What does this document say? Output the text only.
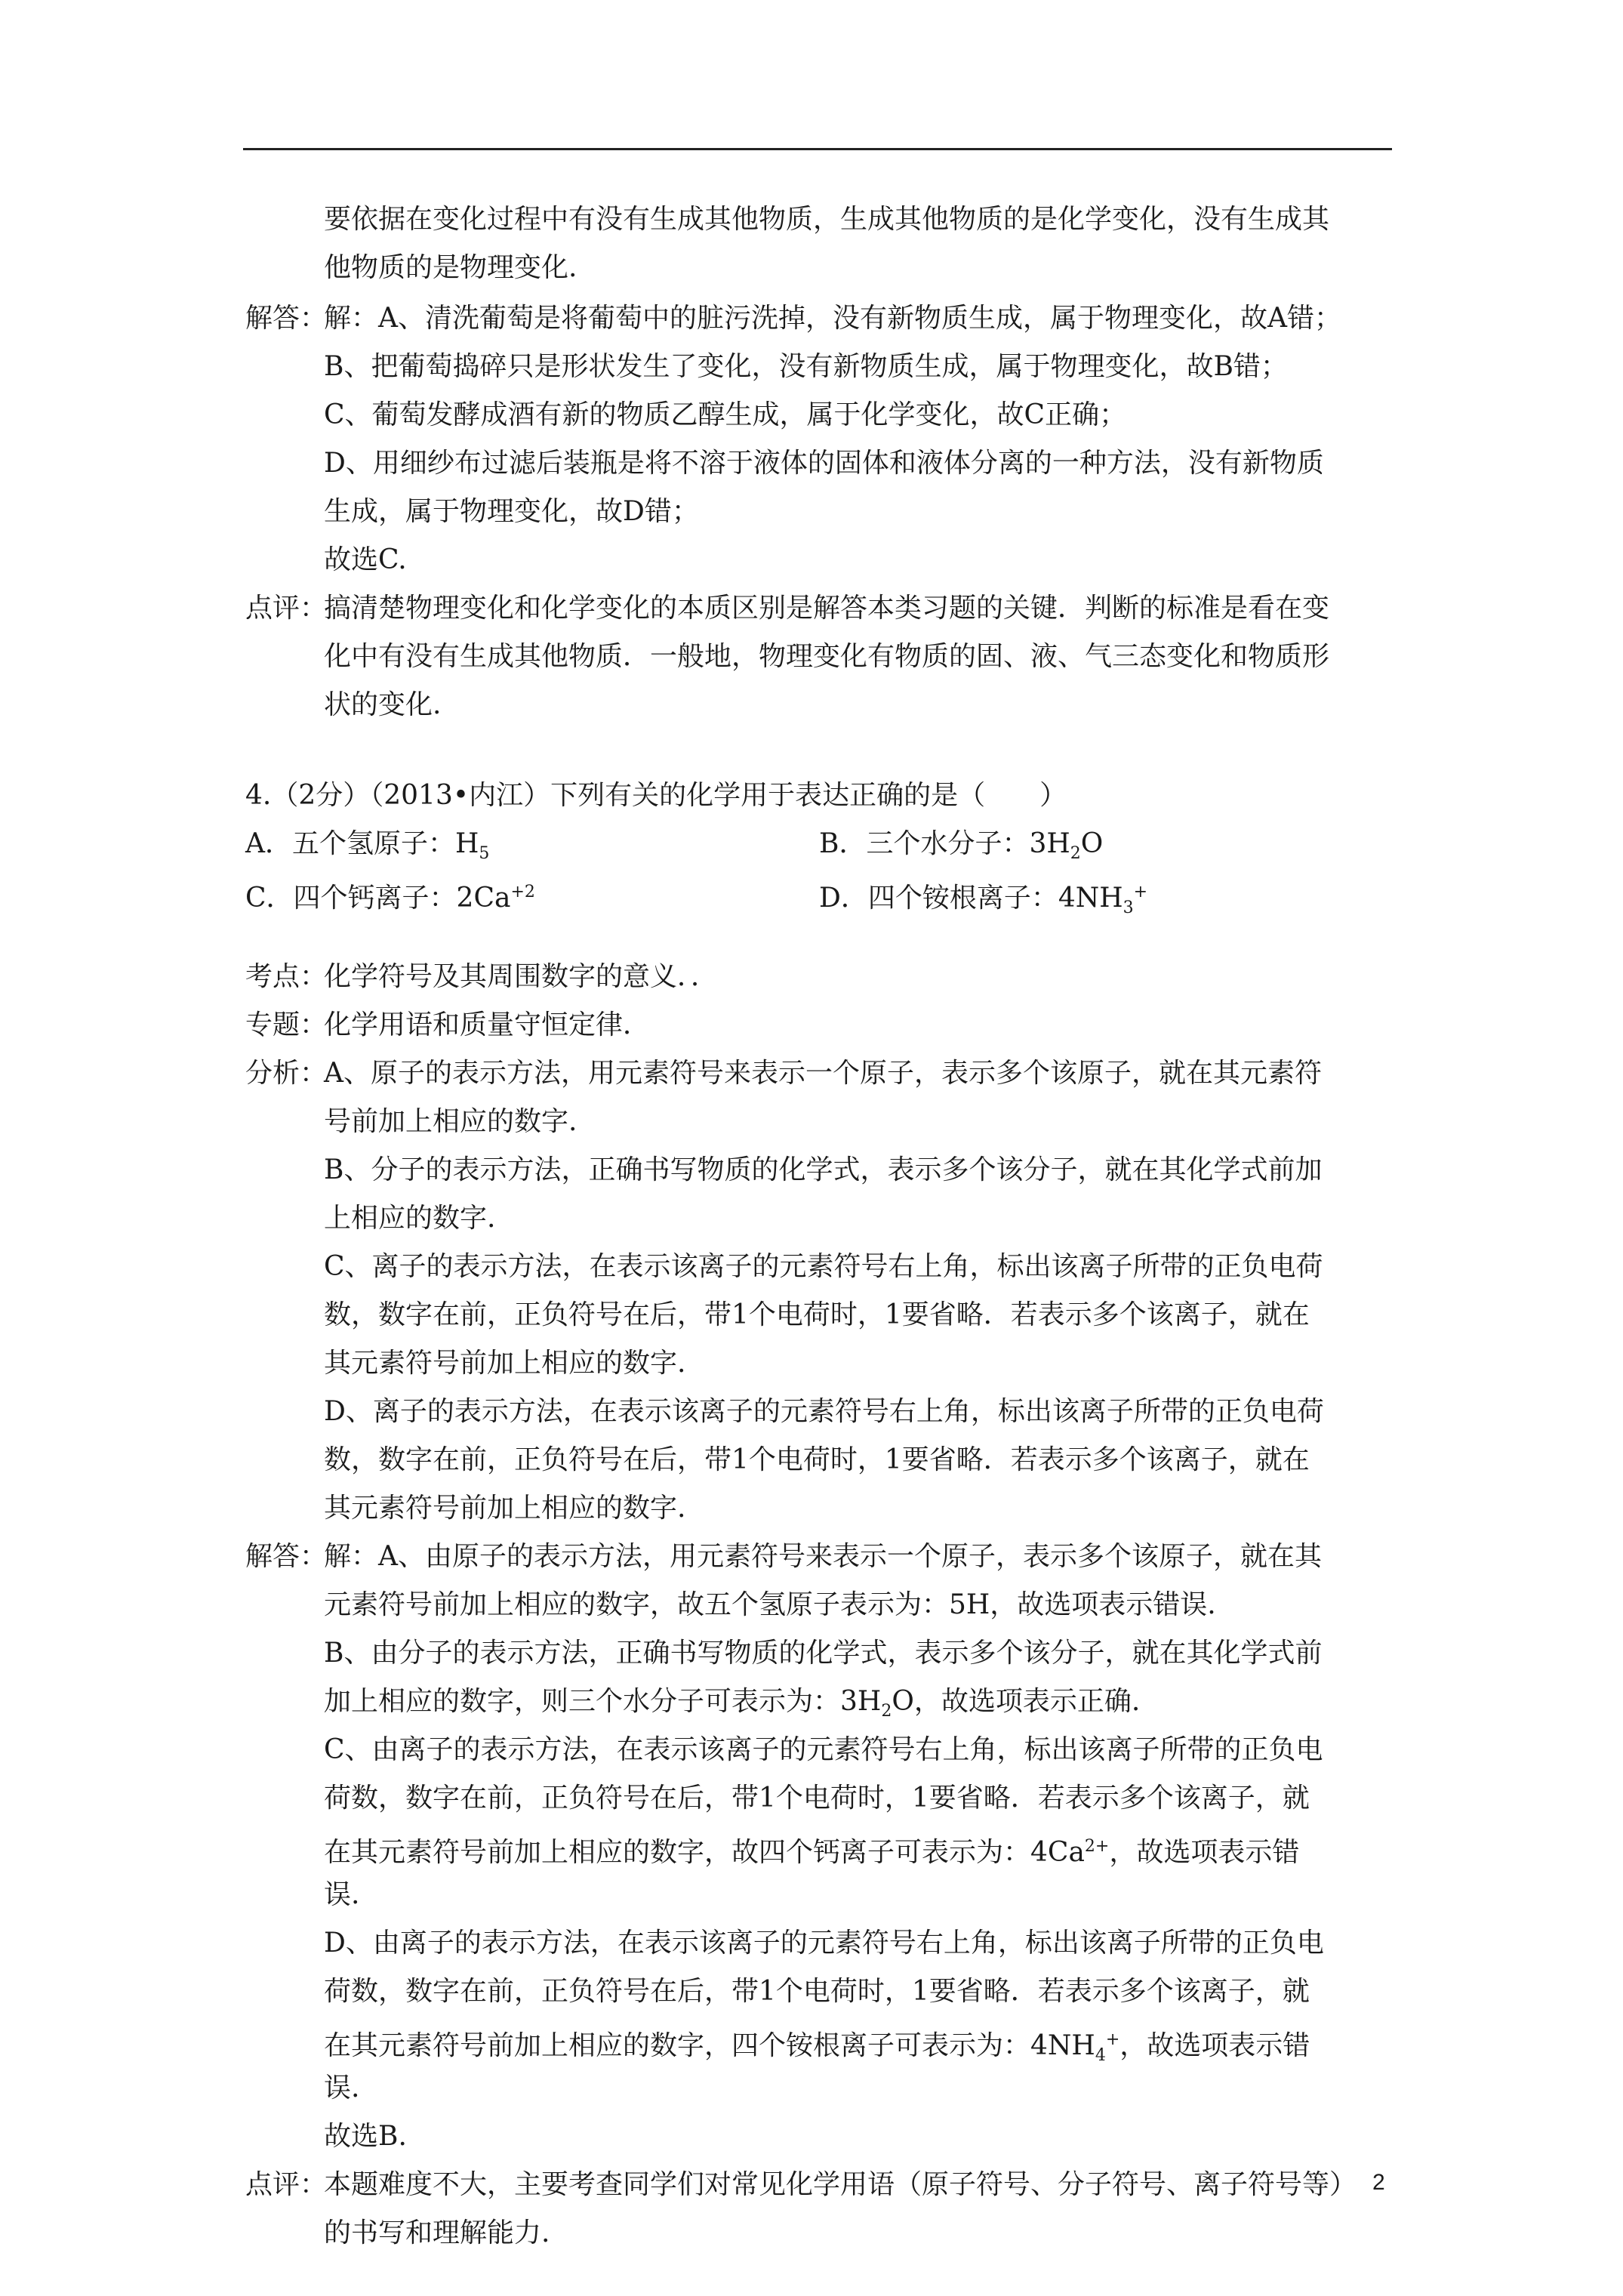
要依据在变化过程中有没有生成其他物质，生成其他物质的是化学变化，没有生成其
他物质的是物理变化.
解答：
解：A、清洗葡萄是将葡萄中的脏污洗掉，没有新物质生成，属于物理变化，故A错；
B、把葡萄捣碎只是形状发生了变化，没有新物质生成，属于物理变化，故B错；
C、葡萄发酵成酒有新的物质乙醇生成，属于化学变化，故C正确；
D、用细纱布过滤后装瓶是将不溶于液体的固体和液体分离的一种方法，没有新物质
生成，属于物理变化，故D错；
故选C.
点评：
搞清楚物理变化和化学变化的本质区别是解答本类习题的关键．判断的标准是看在变
化中有没有生成其他物质．一般地，物理变化有物质的固、液、气三态变化和物质形
状的变化.
4.（2分）（2013•内江）下列有关的化学用于表达正确的是（　　）
A．五个氢原子：$H_5$	B．三个水分子：$3H_2O$
C．四个钙离子：$2Ca^{+2}$	D．四个铵根离子：$4NH_3^+$
考点：
化学符号及其周围数字的意义．．
专题：
化学用语和质量守恒定律．
分析：
A、原子的表示方法，用元素符号来表示一个原子，表示多个该原子，就在其元素符
号前加上相应的数字.
B、分子的表示方法，正确书写物质的化学式，表示多个该分子，就在其化学式前加
上相应的数字.
C、离子的表示方法，在表示该离子的元素符号右上角，标出该离子所带的正负电荷
数，数字在前，正负符号在后，带1个电荷时，1要省略．若表示多个该离子，就在
其元素符号前加上相应的数字.
D、离子的表示方法，在表示该离子的元素符号右上角，标出该离子所带的正负电荷
数，数字在前，正负符号在后，带1个电荷时，1要省略．若表示多个该离子，就在
其元素符号前加上相应的数字.
解答：
解：A、由原子的表示方法，用元素符号来表示一个原子，表示多个该原子，就在其
元素符号前加上相应的数字，故五个氢原子表示为：5H，故选项表示错误.
B、由分子的表示方法，正确书写物质的化学式，表示多个该分子，就在其化学式前
加上相应的数字，则三个水分子可表示为：$3H_2O$，故选项表示正确.
C、由离子的表示方法，在表示该离子的元素符号右上角，标出该离子所带的正负电
荷数，数字在前，正负符号在后，带1个电荷时，1要省略．若表示多个该离子，就
在其元素符号前加上相应的数字，故四个钙离子可表示为：$4Ca^{2+}$，故选项表示错
误.
D、由离子的表示方法，在表示该离子的元素符号右上角，标出该离子所带的正负电
荷数，数字在前，正负符号在后，带1个电荷时，1要省略．若表示多个该离子，就
在其元素符号前加上相应的数字，四个铵根离子可表示为：$4NH_4^+$，故选项表示错
误.
故选B.
点评：
本题难度不大，主要考查同学们对常见化学用语（原子符号、分子符号、离子符号等）
的书写和理解能力.
2
